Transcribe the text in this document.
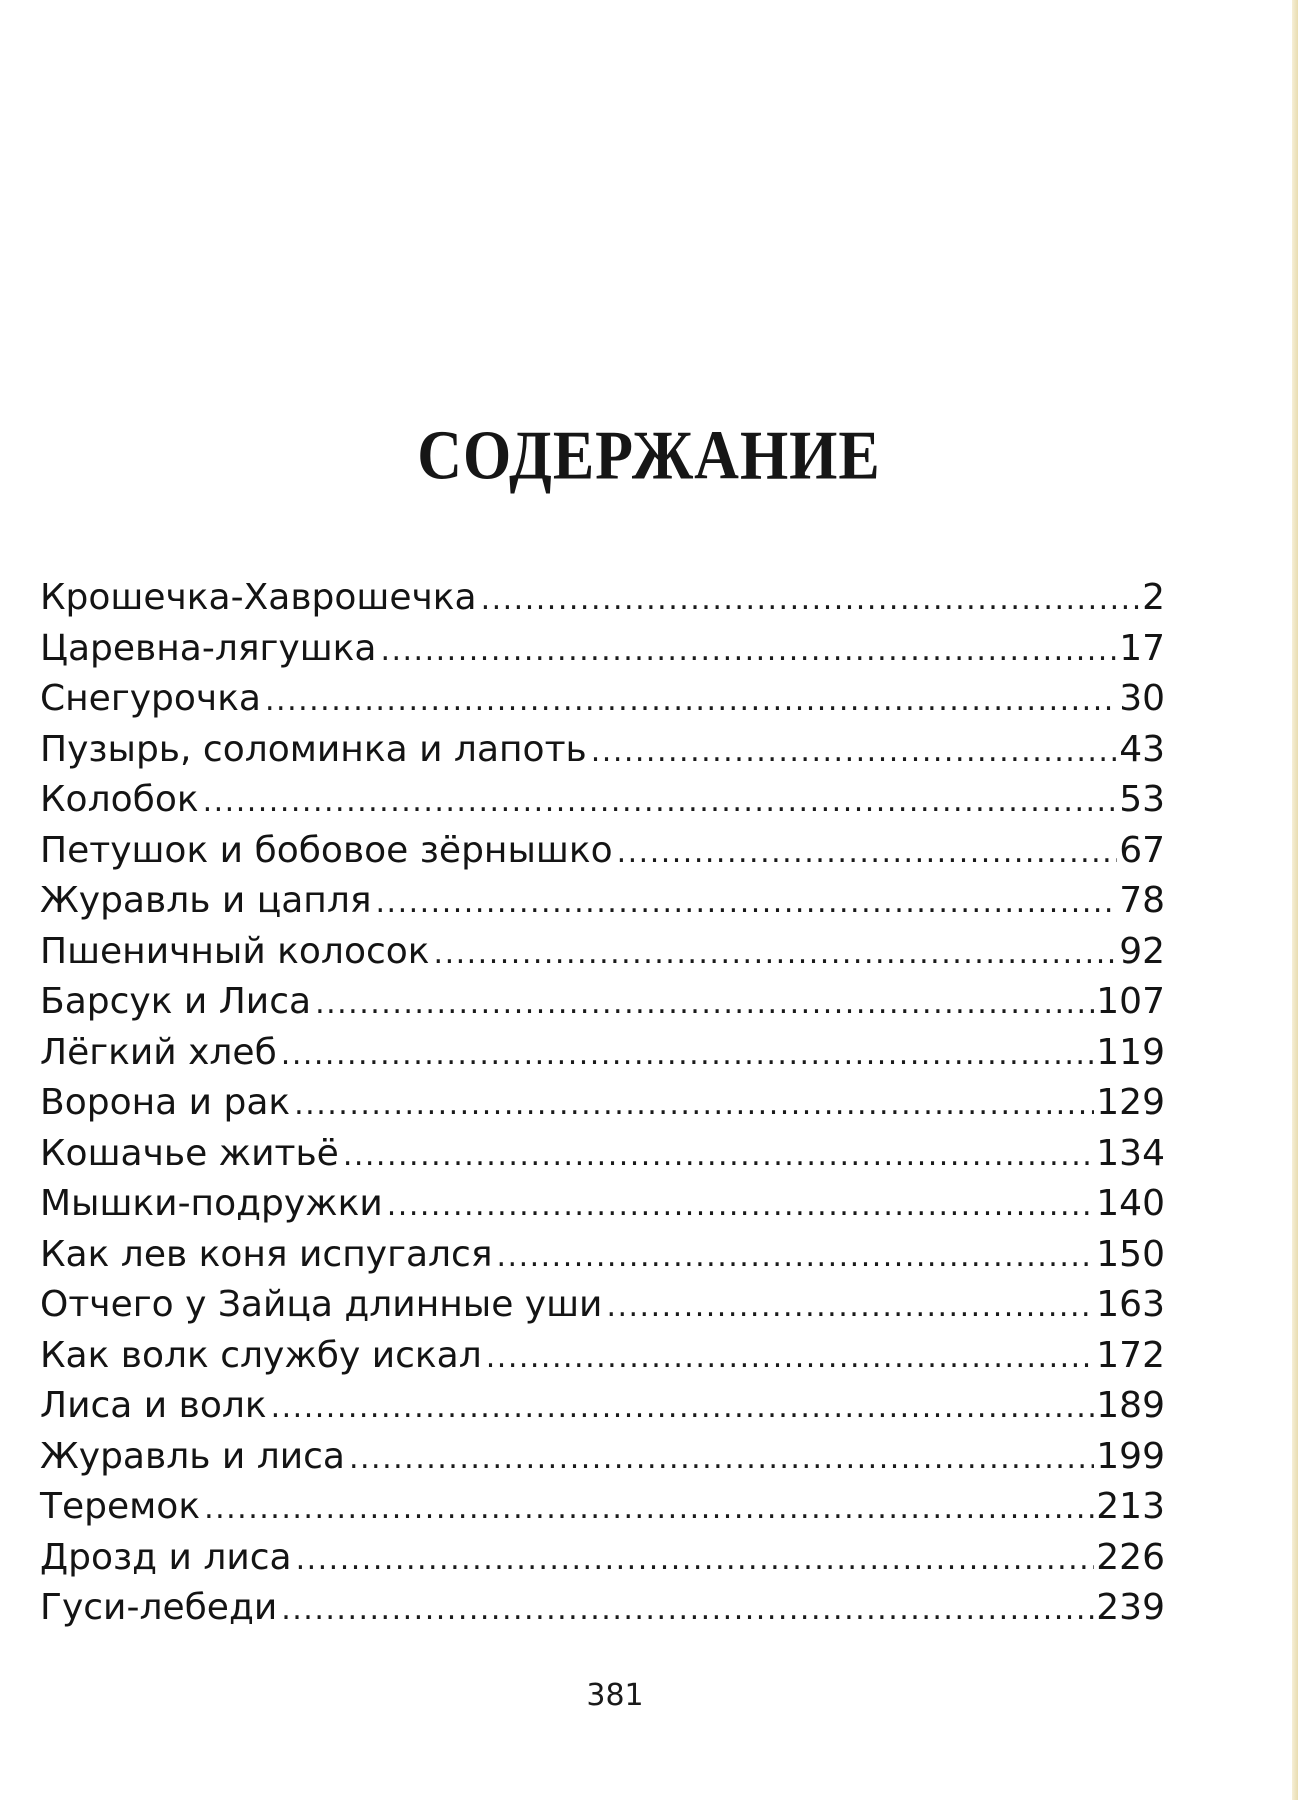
СОДЕРЖАНИЕ
Крошечка-Хаврошечка .....	2
Царевна-лягушка .....	17
Снегурочка .....	30
Пузырь, соломинка и лапоть .....	43
Колобок .....	53
Петушок и бобовое зёрнышко .....	67
Журавль и цапля .....	78
Пшеничный колосок .....	92
Барсук и Лиса .....	107
Лёгкий хлеб .....	119
Ворона и рак .....	129
Кошачье житьё .....	134
Мышки-подружки .....	140
Как лев коня испугался .....	150
Отчего у Зайца длинные уши .....	163
Как волк службу искал .....	172
Лиса и волк .....	189
Журавль и лиса .....	199
Теремок .....	213
Дрозд и лиса .....	226
Гуси-лебеди .....	239
381
